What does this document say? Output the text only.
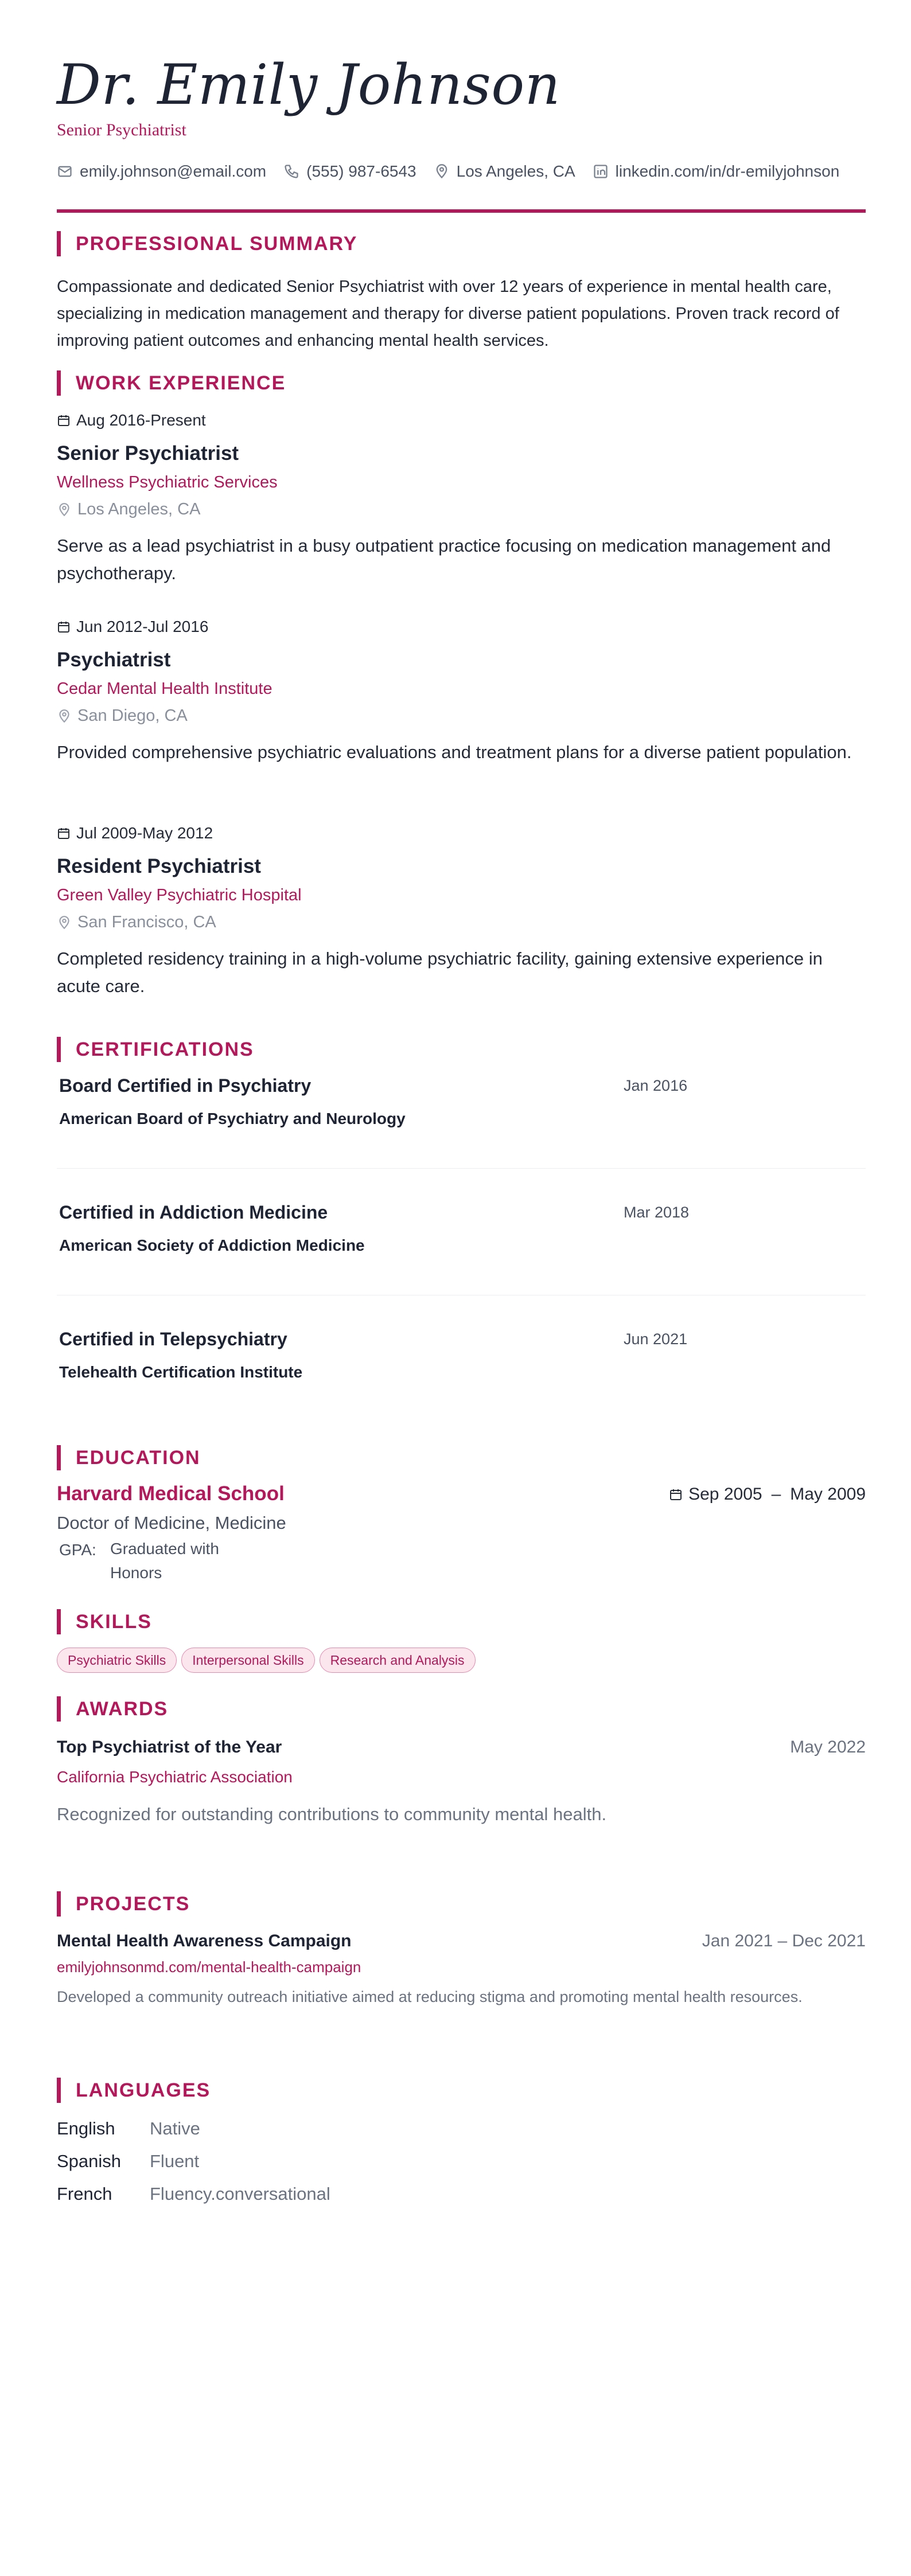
Dr. Emily Johnson
Senior Psychiatrist
emily.johnson@email.com	(555) 987-6543	Los Angeles, CA	linkedin.com/in/dr-emilyjohnson
PROFESSIONAL SUMMARY
Compassionate and dedicated Senior Psychiatrist with over 12 years of experience in mental health care, specializing in medication management and therapy for diverse patient populations. Proven track record of improving patient outcomes and enhancing mental health services.
WORK EXPERIENCE
Aug 2016-Present
Senior Psychiatrist
Wellness Psychiatric Services
Los Angeles, CA
Serve as a lead psychiatrist in a busy outpatient practice focusing on medication management and psychotherapy.
Jun 2012-Jul 2016
Psychiatrist
Cedar Mental Health Institute
San Diego, CA
Provided comprehensive psychiatric evaluations and treatment plans for a diverse patient population.
Jul 2009-May 2012
Resident Psychiatrist
Green Valley Psychiatric Hospital
San Francisco, CA
Completed residency training in a high-volume psychiatric facility, gaining extensive experience in acute care.
CERTIFICATIONS
Board Certified in Psychiatry	Jan 2016
American Board of Psychiatry and Neurology
Certified in Addiction Medicine	Mar 2018
American Society of Addiction Medicine
Certified in Telepsychiatry	Jun 2021
Telehealth Certification Institute
EDUCATION
Harvard Medical School	Sep 2005 – May 2009
Doctor of Medicine, Medicine
GPA: Graduated with Honors
SKILLS
Psychiatric Skills	Interpersonal Skills	Research and Analysis
AWARDS
Top Psychiatrist of the Year	May 2022
California Psychiatric Association
Recognized for outstanding contributions to community mental health.
PROJECTS
Mental Health Awareness Campaign	Jan 2021 – Dec 2021
emilyjohnsonmd.com/mental-health-campaign
Developed a community outreach initiative aimed at reducing stigma and promoting mental health resources.
LANGUAGES
English Native
Spanish Fluent
French Fluency.conversational
